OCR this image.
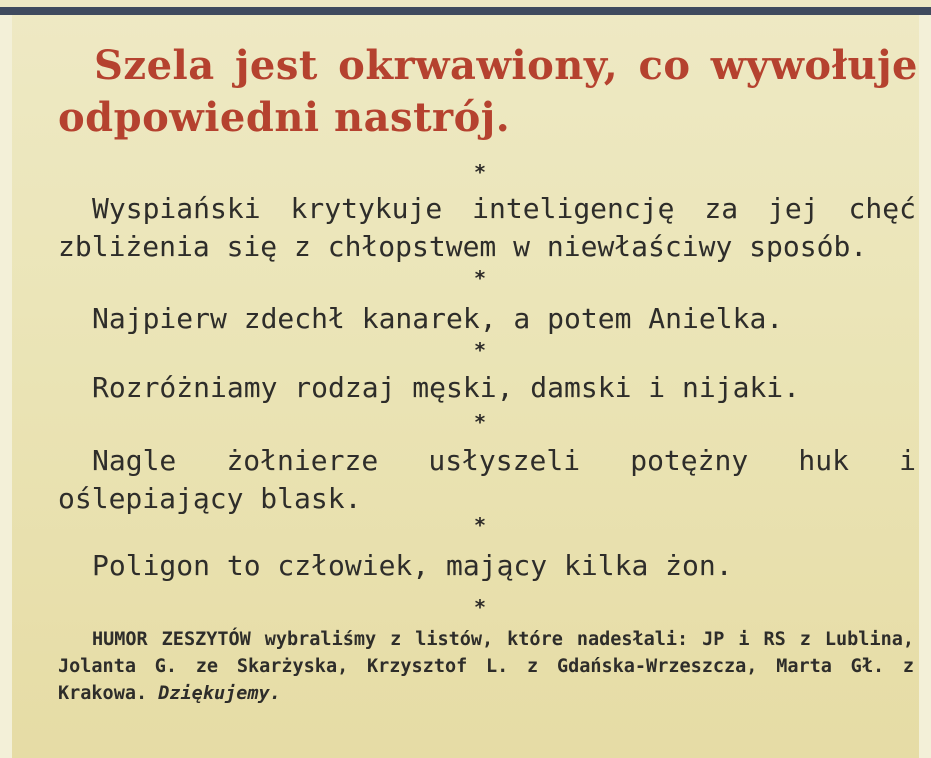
Szela jest okrwawiony, co wywołuje odpowiedni nastrój.
*

Wyspiański krytykuje inteligencję za jej chęć zbliżenia się z chłopstwem w niewłaściwy sposób.

*

Najpierw zdechł kanarek, a potem Anielka.

*

Rozróżniamy rodzaj męski, damski i nijaki.

*

Nagle żołnierze usłyszeli potężny huk i oślepiający blask.

*

Poligon to człowiek, mający kilka żon.

*

HUMOR ZESZYTÓW wybraliśmy z listów, które nadesłali: JP i RS z Lublina, Jolanta G. ze Skarżyska, Krzysztof L. z Gdańska-Wrzeszcza, Marta Gł. z Krakowa. Dziękujemy.
